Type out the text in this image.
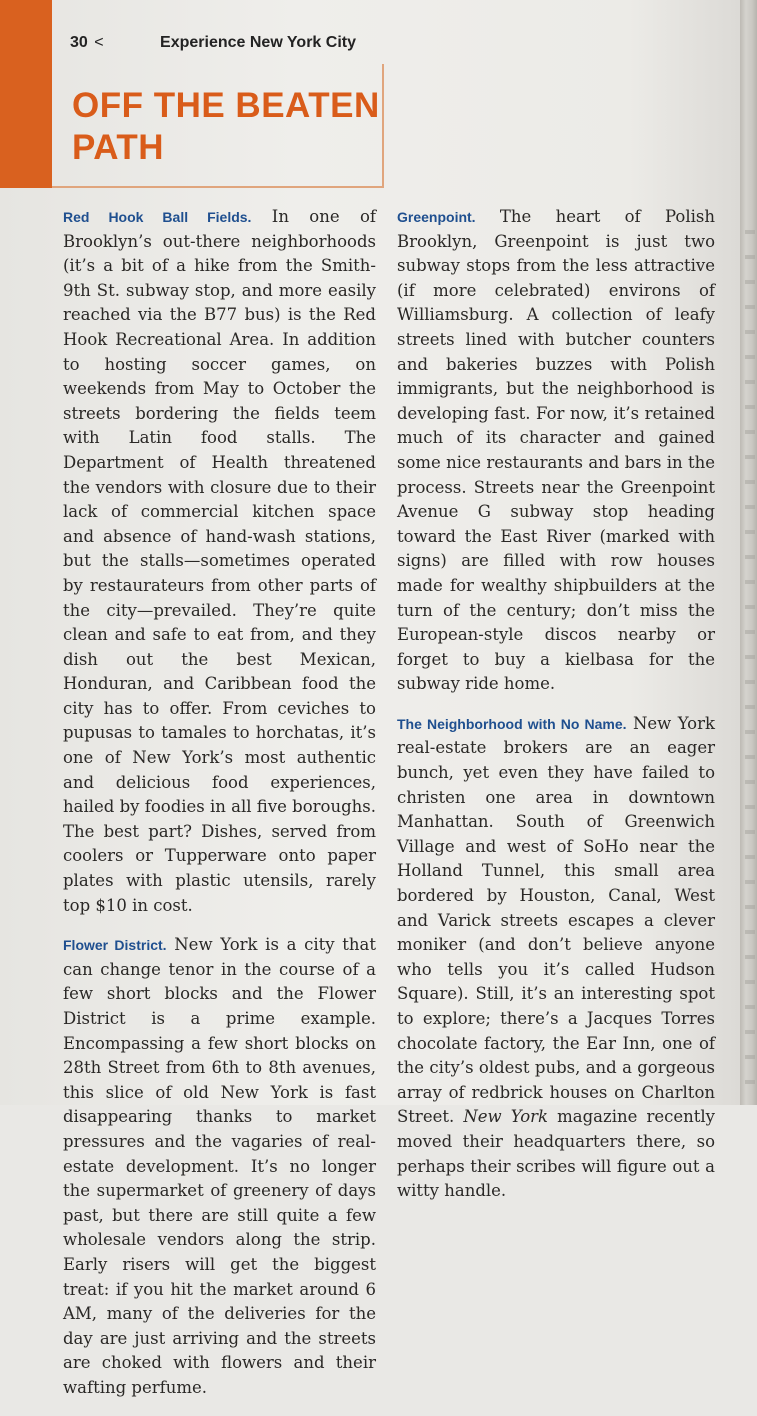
30 <	Experience New York City
OFF THE BEATEN
PATH

Red Hook Ball Fields. In one of Brooklyn’s out-there neighborhoods (it’s a bit of a hike from the Smith-9th St. subway stop, and more easily reached via the B77 bus) is the Red Hook Recreational Area. In addition to hosting soccer games, on weekends from May to October the streets bordering the fields teem with Latin food stalls. The Department of Health threatened the vendors with closure due to their lack of commercial kitchen space and absence of hand-wash stations, but the stalls—sometimes operated by restaurateurs from other parts of the city—prevailed. They’re quite clean and safe to eat from, and they dish out the best Mexican, Honduran, and Caribbean food the city has to offer. From ceviches to pupusas to tamales to horchatas, it’s one of New York’s most authentic and delicious food experiences, hailed by foodies in all five boroughs. The best part? Dishes, served from coolers or Tupperware onto paper plates with plastic utensils, rarely top $10 in cost.

Flower District. New York is a city that can change tenor in the course of a few short blocks and the Flower District is a prime example. Encompassing a few short blocks on 28th Street from 6th to 8th avenues, this slice of old New York is fast disappearing thanks to market pressures and the vagaries of real-estate development. It’s no longer the supermarket of greenery of days past, but there are still quite a few wholesale vendors along the strip. Early risers will get the biggest treat: if you hit the market around 6 AM, many of the deliveries for the day are just arriving and the streets are choked with flowers and their wafting perfume.

Greenpoint. The heart of Polish Brooklyn, Greenpoint is just two subway stops from the less attractive (if more celebrated) environs of Williamsburg. A collection of leafy streets lined with butcher counters and bakeries buzzes with Polish immigrants, but the neighborhood is developing fast. For now, it’s retained much of its character and gained some nice restaurants and bars in the process. Streets near the Greenpoint Avenue G subway stop heading toward the East River (marked with signs) are filled with row houses made for wealthy shipbuilders at the turn of the century; don’t miss the European-style discos nearby or forget to buy a kielbasa for the subway ride home.

The Neighborhood with No Name. New York real-estate brokers are an eager bunch, yet even they have failed to christen one area in downtown Manhattan. South of Greenwich Village and west of SoHo near the Holland Tunnel, this small area bordered by Houston, Canal, West and Varick streets escapes a clever moniker (and don’t believe anyone who tells you it’s called Hudson Square). Still, it’s an interesting spot to explore; there’s a Jacques Torres chocolate factory, the Ear Inn, one of the city’s oldest pubs, and a gorgeous array of redbrick houses on Charlton Street. New York magazine recently moved their headquarters there, so perhaps their scribes will figure out a witty handle.
